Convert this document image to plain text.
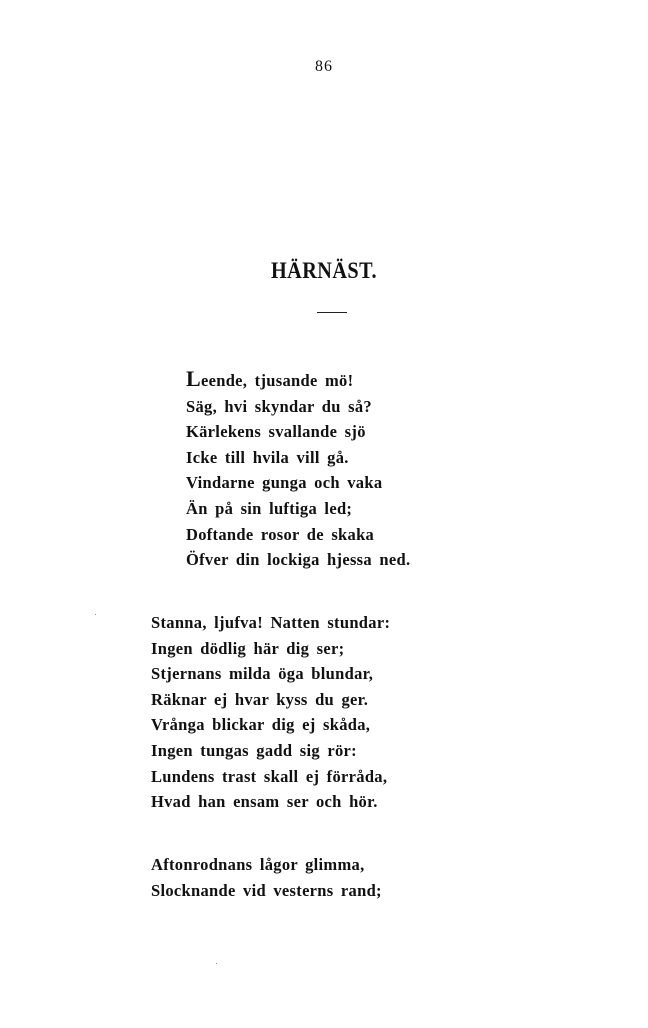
86
HÄRNÄST.
Leende, tjusande mö!
Säg, hvi skyndar du så?
Kärlekens svallande sjö
Icke till hvila vill gå.
Vindarne gunga och vaka
Än på sin luftiga led;
Doftande rosor de skaka
Öfver din lockiga hjessa ned.
Stanna, ljufva! Natten stundar:
Ingen dödlig här dig ser;
Stjernans milda öga blundar,
Räknar ej hvar kyss du ger.
Vrånga blickar dig ej skåda,
Ingen tungas gadd sig rör:
Lundens trast skall ej förråda,
Hvad han ensam ser och hör.
Aftonrodnans lågor glimma,
Slocknande vid vesterns rand;
